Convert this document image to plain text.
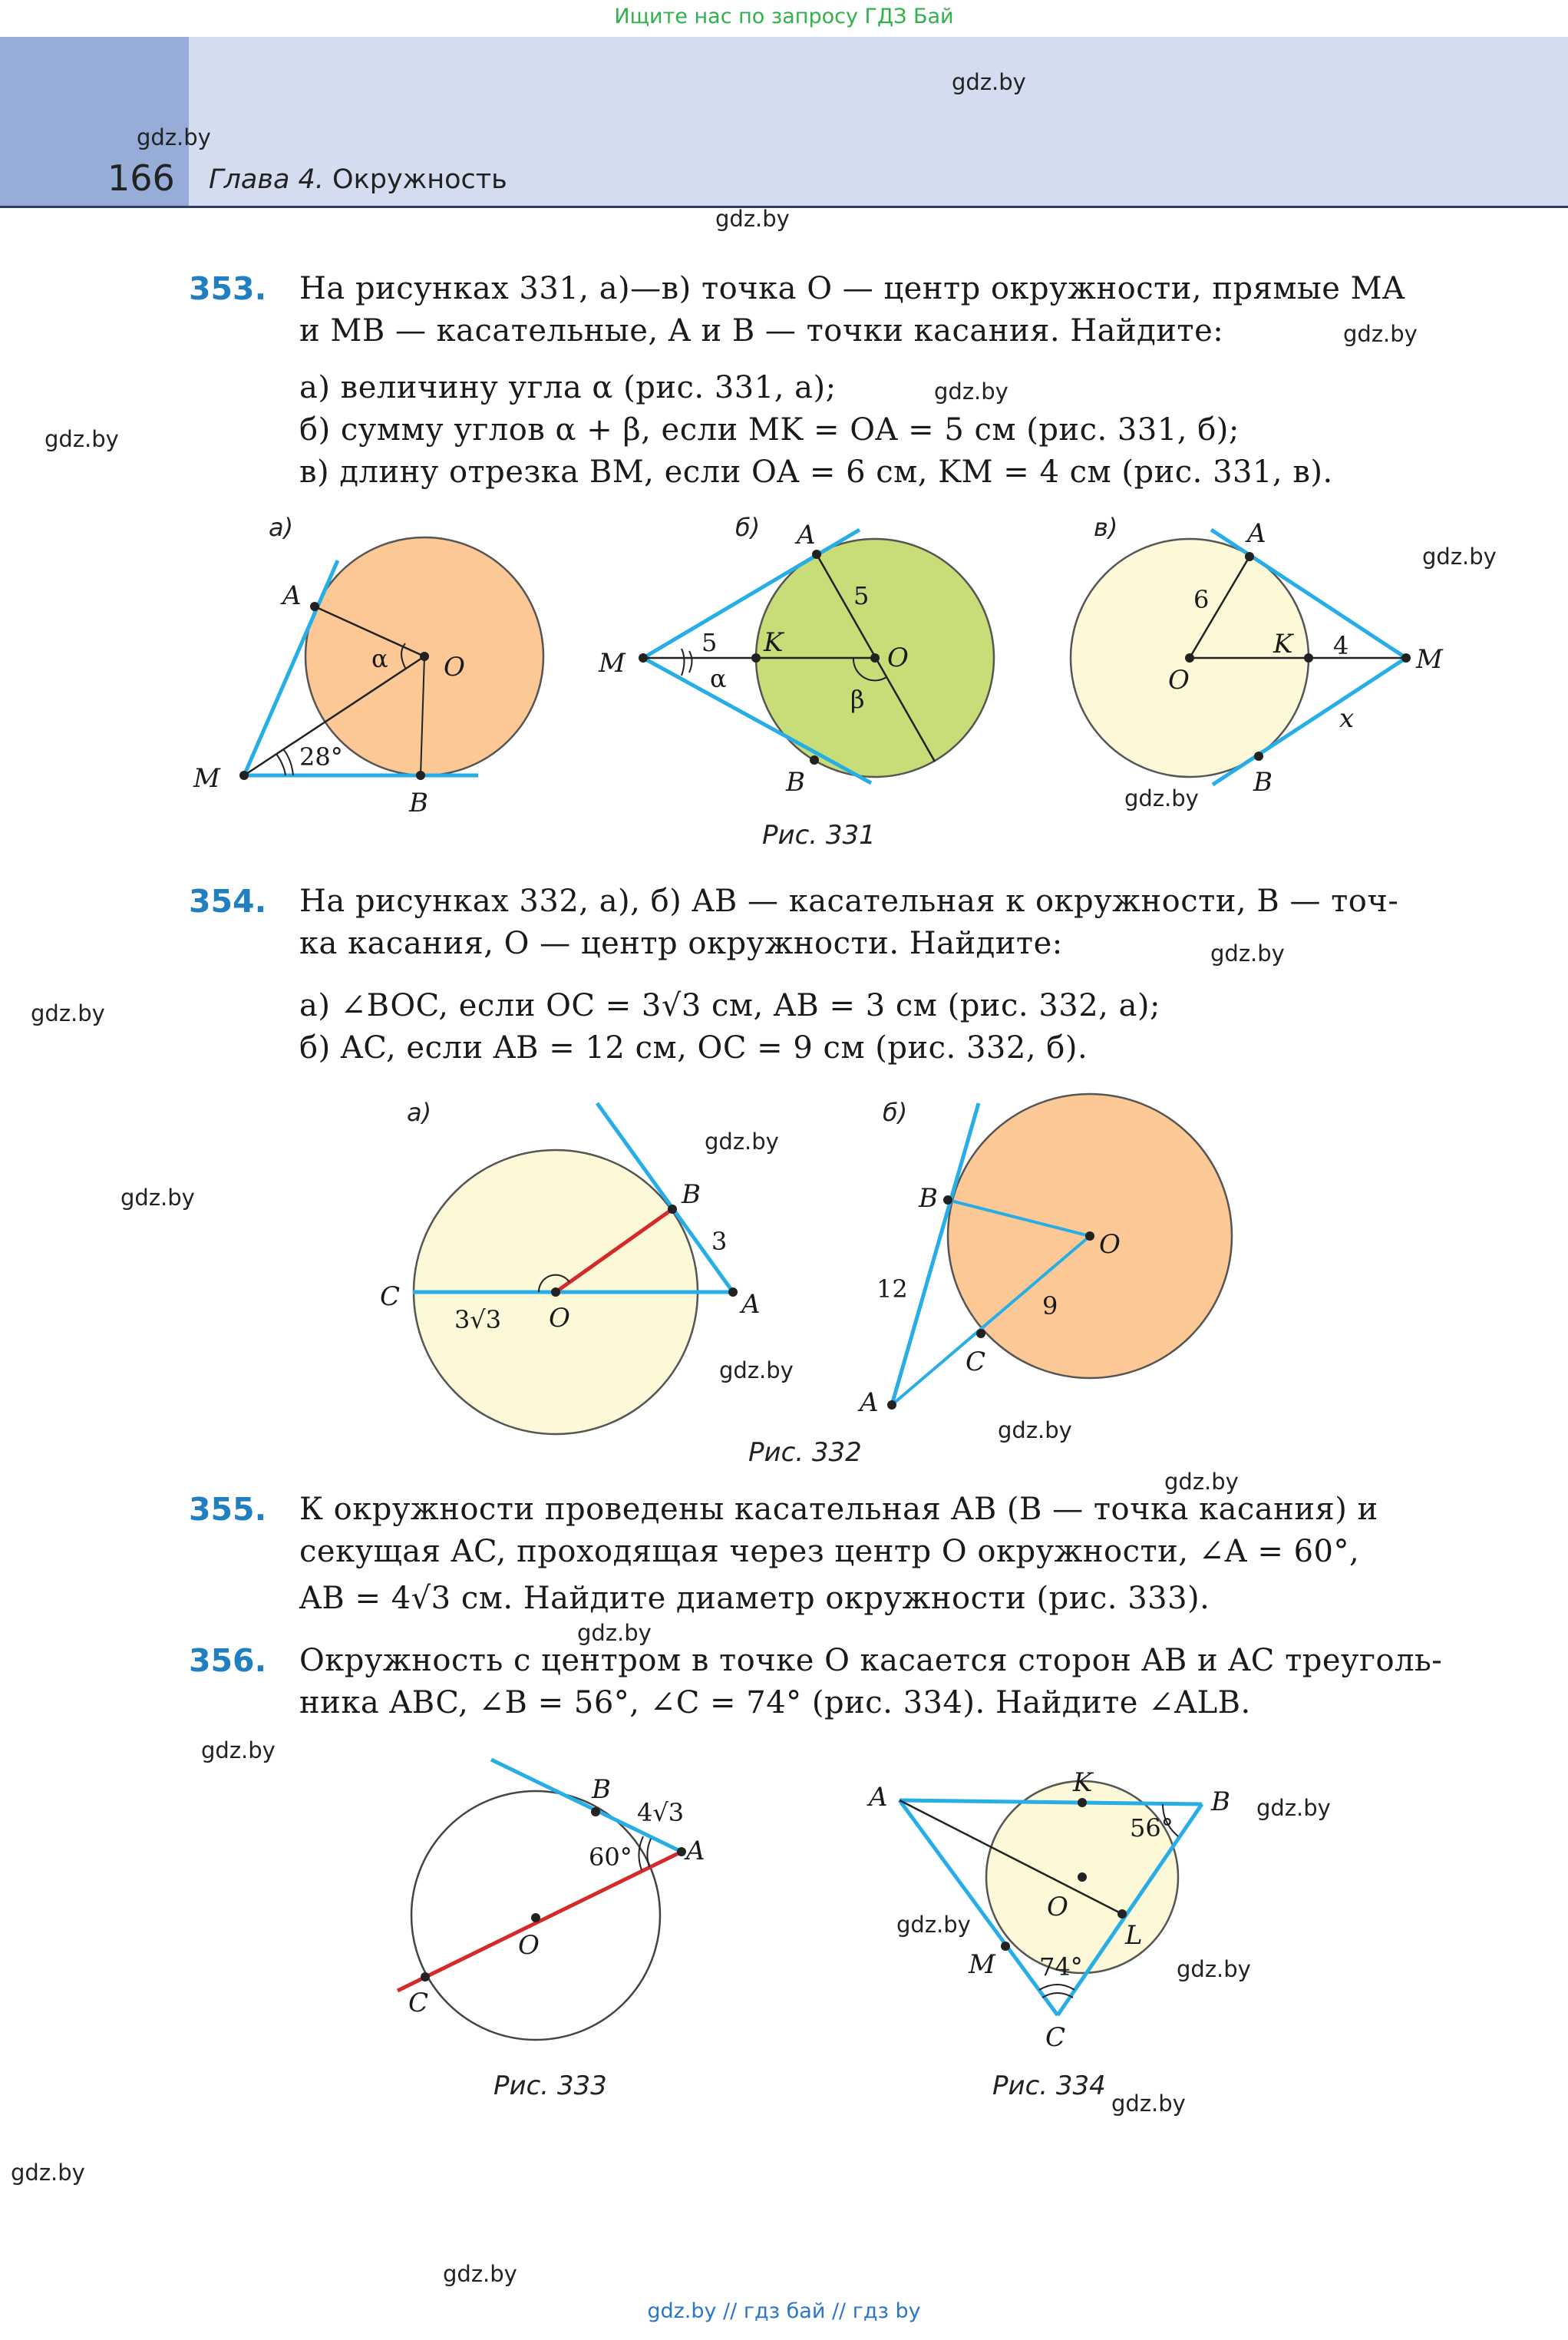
Ищите нас по запросу ГДЗ Бай
166 Глава 4. Окружность
gdz.by
gdz.by
gdz.by
gdz.by
gdz.by
gdz.by
gdz.by
gdz.by
gdz.by
gdz.by
gdz.by
gdz.by
gdz.by
gdz.by
gdz.by
gdz.by
gdz.by
gdz.by
gdz.by
gdz.by
gdz.by
gdz.by
gdz.by
353. На рисунках 331, а)—в) точка O — центр окружности, прямые MA
и MB — касательные, A и B — точки касания. Найдите:
а) величину угла α (рис. 331, а);
б) сумму углов α + β, если MK = OA = 5 см (рис. 331, б);
в) длину отрезка BM, если OA = 6 см, KM = 4 см (рис. 331, в).
а)	б)	в)
A
O
M
B
α
28°
A
M
K	O
B
5
5
α
β
A
O
K	M
B
6
4
x
B
C
O	A
3
3√3
B
O
C
A
12
9
B
A
O
C
4√3
60°
A	K
B
O
L
M
C
56°
74°
Рис. 331
354. На рисунках 332, а), б) AB — касательная к окружности, B — точ-
ка касания, O — центр окружности. Найдите:
а) ∠BOC, если OC = 3√3 см, AB = 3 см (рис. 332, а);
б) AC, если AB = 12 см, OC = 9 см (рис. 332, б).
а)	б)
Рис. 332
355. К окружности проведены касательная AB (B — точка касания) и
секущая AC, проходящая через центр O окружности, ∠A = 60°,
AB = 4√3 см. Найдите диаметр окружности (рис. 333).
356. Окружность с центром в точке O касается сторон AB и AC треуголь-
ника ABC, ∠B = 56°, ∠C = 74° (рис. 334). Найдите ∠ALB.
Рис. 333	Рис. 334
gdz.by // гдз бай // гдз by
